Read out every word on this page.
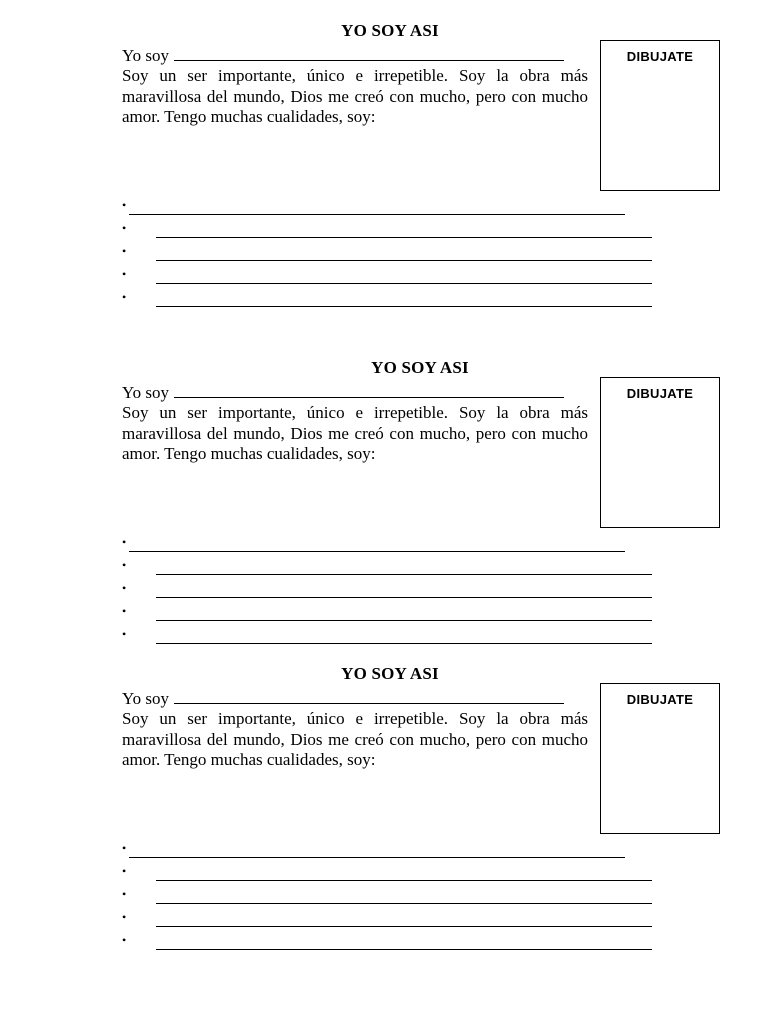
YO SOY ASI
Yo soy

Soy un ser importante, único e irrepetible. Soy la obra más maravillosa del mundo, Dios me creó con mucho, pero con mucho amor. Tengo muchas cualidades, soy:

DIBUJATE
•
•
•
•
•
YO SOY ASI
Yo soy

Soy un ser importante, único e irrepetible. Soy la obra más maravillosa del mundo, Dios me creó con mucho, pero con mucho amor. Tengo muchas cualidades, soy:

DIBUJATE
•
•
•
•
•
YO SOY ASI
Yo soy

Soy un ser importante, único e irrepetible. Soy la obra más maravillosa del mundo, Dios me creó con mucho, pero con mucho amor. Tengo muchas cualidades, soy:

DIBUJATE
•
•
•
•
•
